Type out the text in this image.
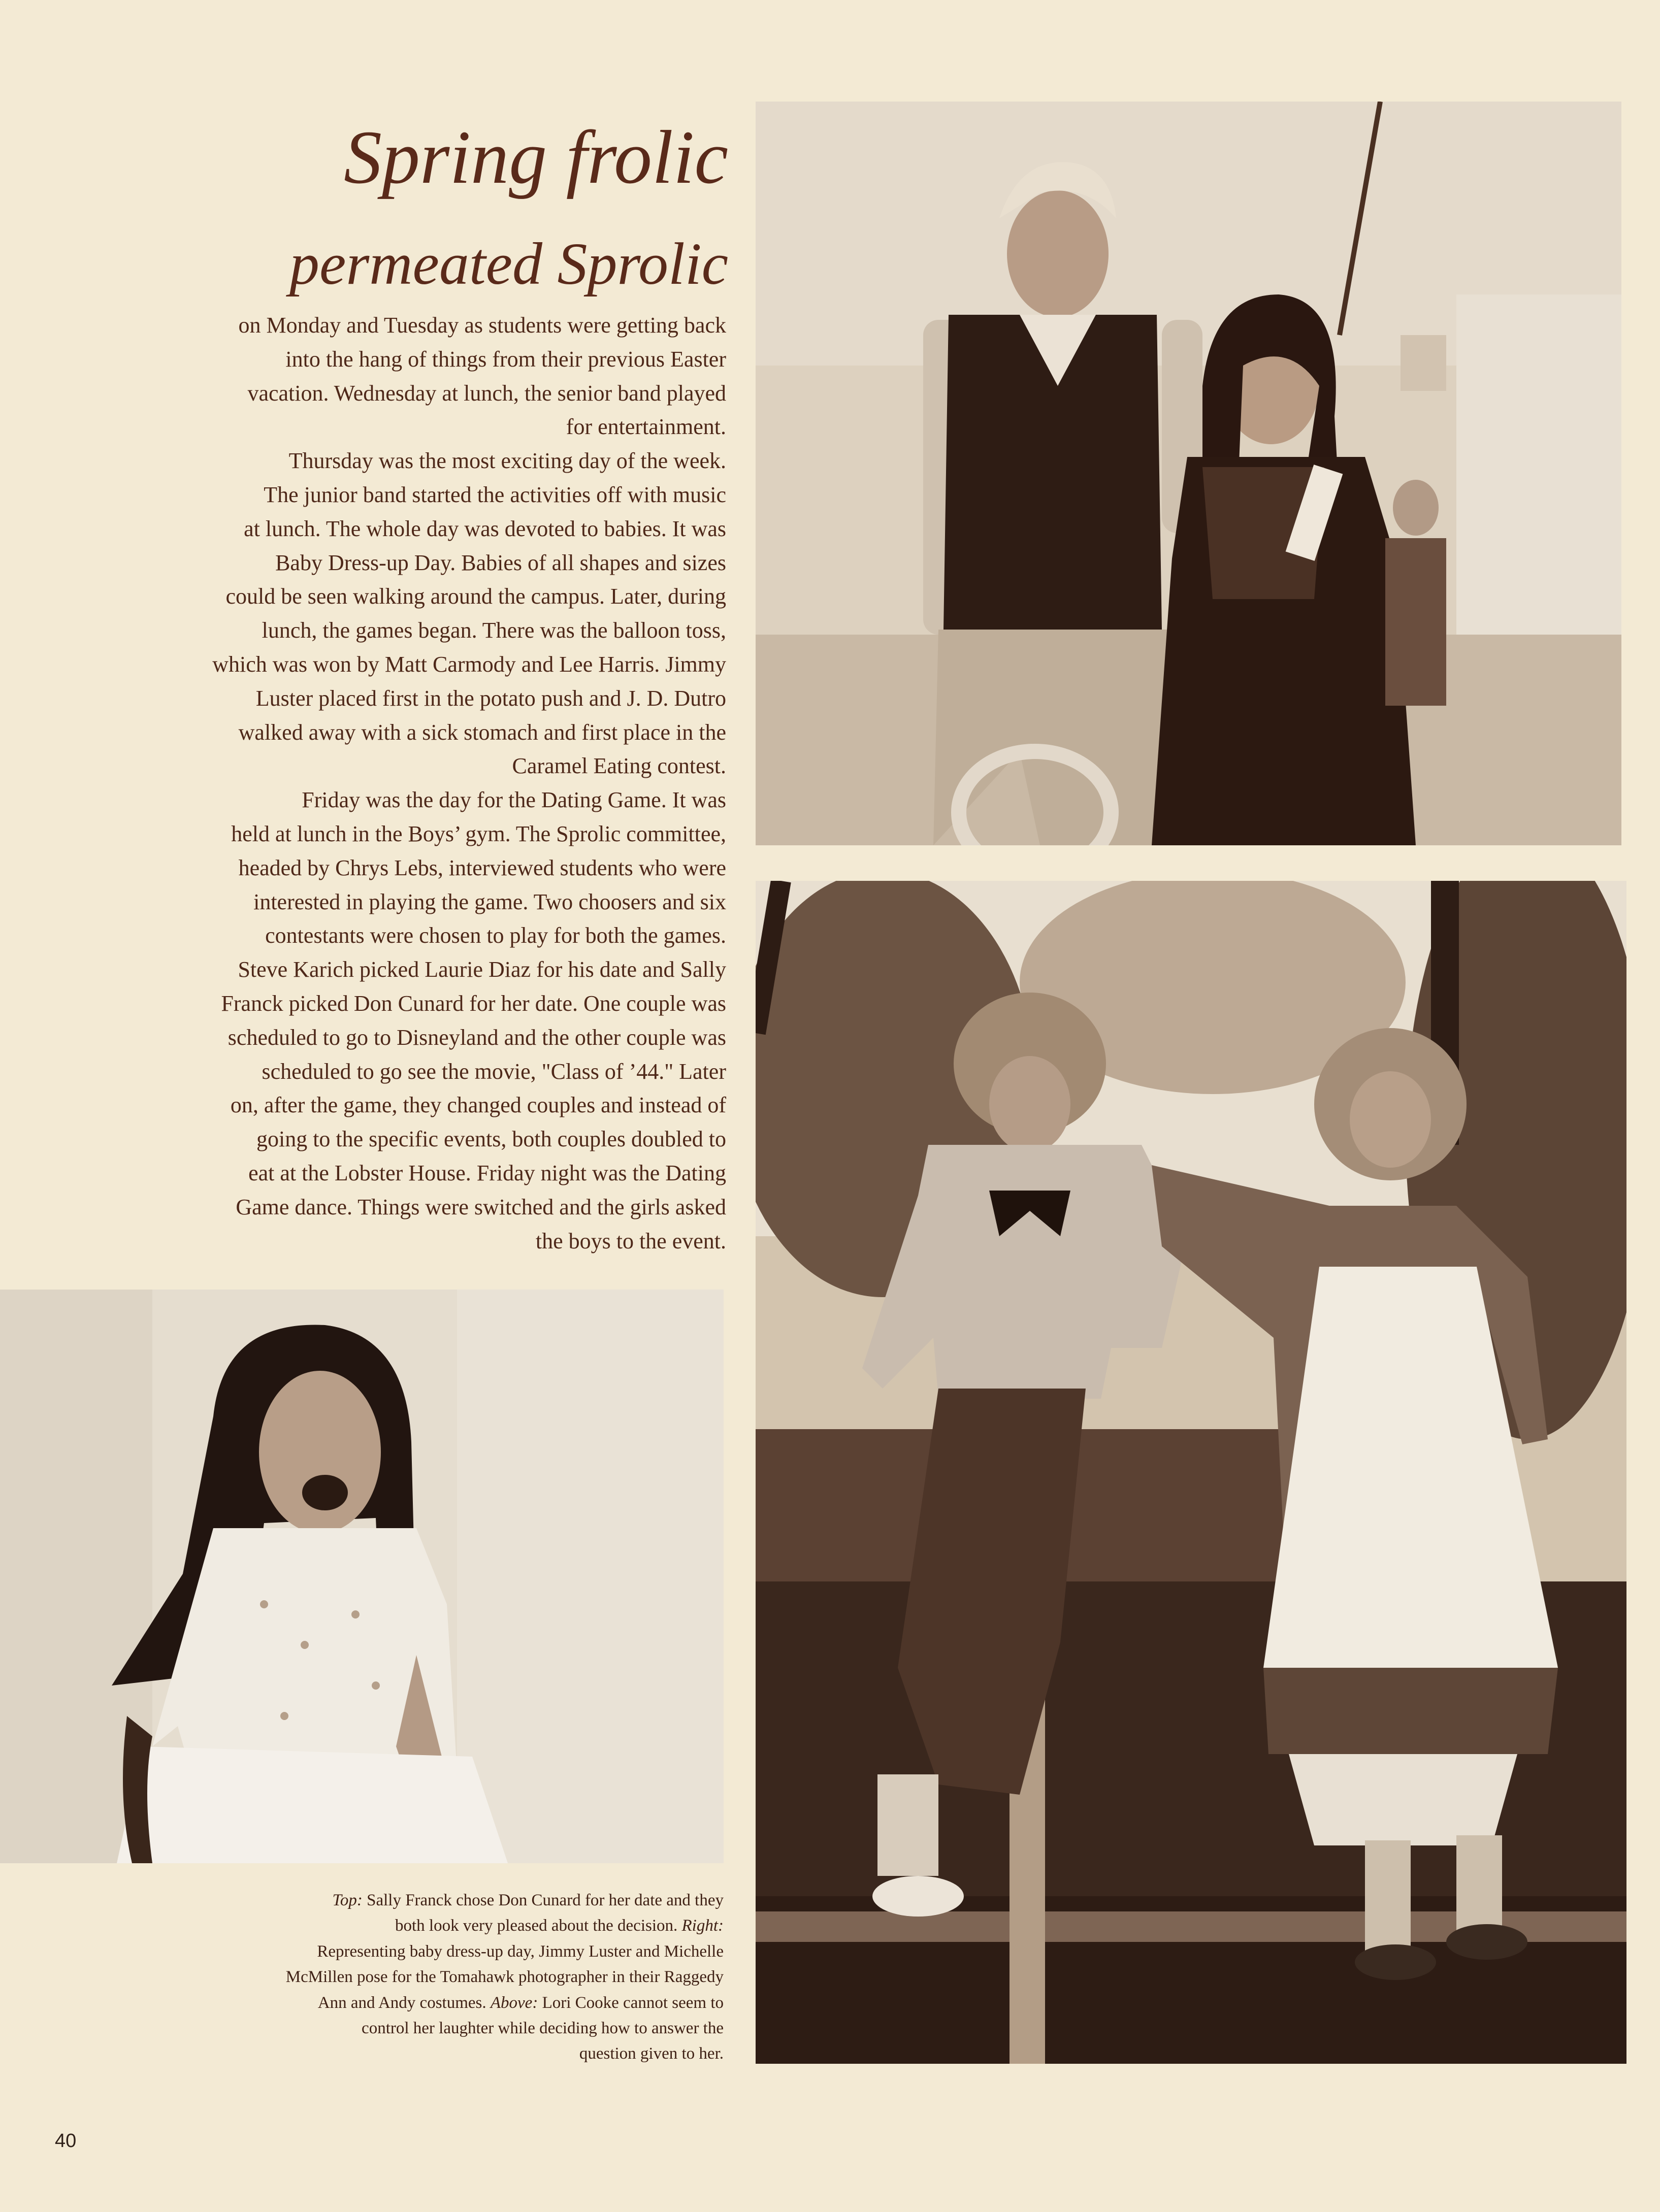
Spring frolic
permeated Sprolic

on Monday and Tuesday as students were getting back

into the hang of things from their previous Easter

vacation. Wednesday at lunch, the senior band played

for entertainment.

Thursday was the most exciting day of the week.

The junior band started the activities off with music

at lunch. The whole day was devoted to babies. It was

Baby Dress-up Day. Babies of all shapes and sizes

could be seen walking around the campus. Later, during

lunch, the games began. There was the balloon toss,

which was won by Matt Carmody and Lee Harris. Jimmy

Luster placed first in the potato push and J. D. Dutro

walked away with a sick stomach and first place in the

Caramel Eating contest.

Friday was the day for the Dating Game. It was

held at lunch in the Boys’ gym. The Sprolic committee,

headed by Chrys Lebs, interviewed students who were

interested in playing the game. Two choosers and six

contestants were chosen to play for both the games.

Steve Karich picked Laurie Diaz for his date and Sally

Franck picked Don Cunard for her date. One couple was

scheduled to go to Disneyland and the other couple was

scheduled to go see the movie, "Class of ’44." Later

on, after the game, they changed couples and instead of

going to the specific events, both couples doubled to

eat at the Lobster House. Friday night was the Dating

Game dance. Things were switched and the girls asked

the boys to the event.

Top: Sally Franck chose Don Cunard for her date and they

both look very pleased about the decision. Right:

Representing baby dress-up day, Jimmy Luster and Michelle

McMillen pose for the Tomahawk photographer in their Raggedy

Ann and Andy costumes. Above: Lori Cooke cannot seem to

control her laughter while deciding how to answer the

question given to her.

40
